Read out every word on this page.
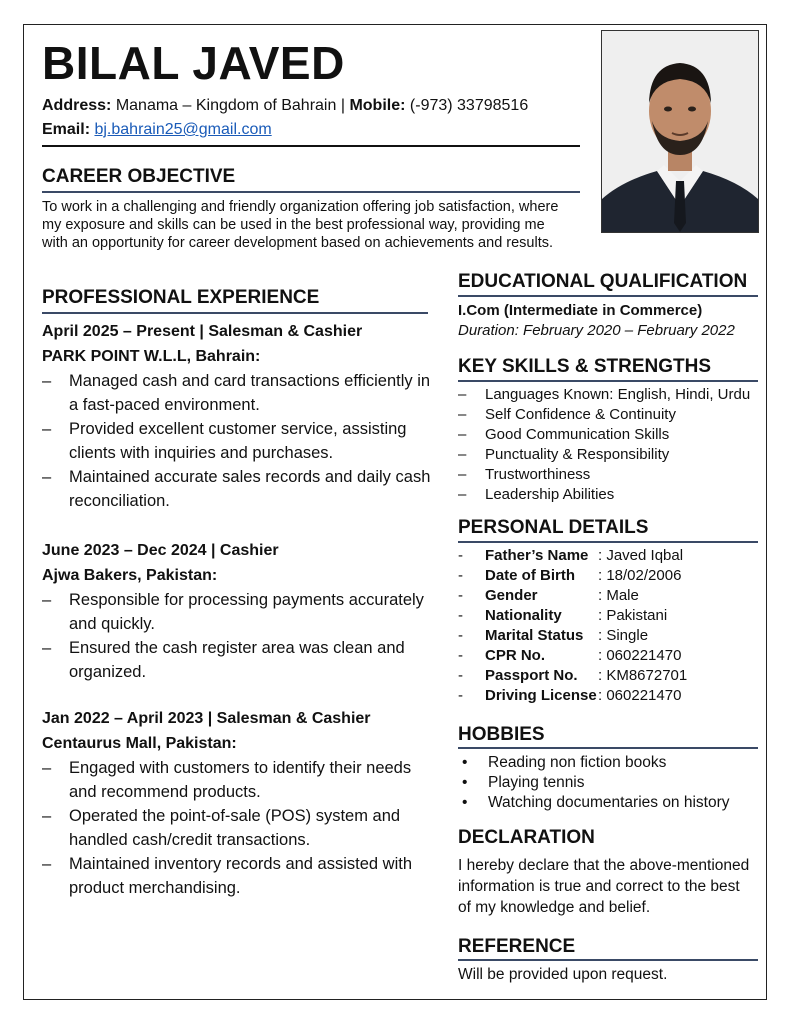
BILAL JAVED
Address: Manama – Kingdom of Bahrain | Mobile: (-973) 33798516
Email: bj.bahrain25@gmail.com
CAREER OBJECTIVE
To work in a challenging and friendly organization offering job satisfaction, where
my exposure and skills can be used in the best professional way, providing me
with an opportunity for career development based on achievements and results.
PROFESSIONAL EXPERIENCE
April 2025 – Present | Salesman & Cashier
PARK POINT W.L.L, Bahrain:
– Managed cash and card transactions efficiently in a fast-paced environment.
– Provided excellent customer service, assisting clients with inquiries and purchases.
– Maintained accurate sales records and daily cash reconciliation.
June 2023 – Dec 2024 | Cashier
Ajwa Bakers, Pakistan:
– Responsible for processing payments accurately and quickly.
– Ensured the cash register area was clean and organized.
Jan 2022 – April 2023 | Salesman & Cashier
Centaurus Mall, Pakistan:
– Engaged with customers to identify their needs and recommend products.
– Operated the point-of-sale (POS) system and handled cash/credit transactions.
– Maintained inventory records and assisted with product merchandising.
EDUCATIONAL QUALIFICATION
I.Com (Intermediate in Commerce)
Duration: February 2020 – February 2022
KEY SKILLS & STRENGTHS
– Languages Known: English, Hindi, Urdu
– Self Confidence & Continuity
– Good Communication Skills
– Punctuality & Responsibility
– Trustworthiness
– Leadership Abilities
PERSONAL DETAILS
-	Father’s Name	: Javed Iqbal
-	Date of Birth	: 18/02/2006
-	Gender	: Male
-	Nationality	: Pakistani
-	Marital Status	: Single
-	CPR No.	: 060221470
-	Passport No.	: KM8672701
-	Driving License	: 060221470
HOBBIES
• Reading non fiction books
• Playing tennis
• Watching documentaries on history
DECLARATION
I hereby declare that the above-mentioned
information is true and correct to the best
of my knowledge and belief.
REFERENCE
Will be provided upon request.
